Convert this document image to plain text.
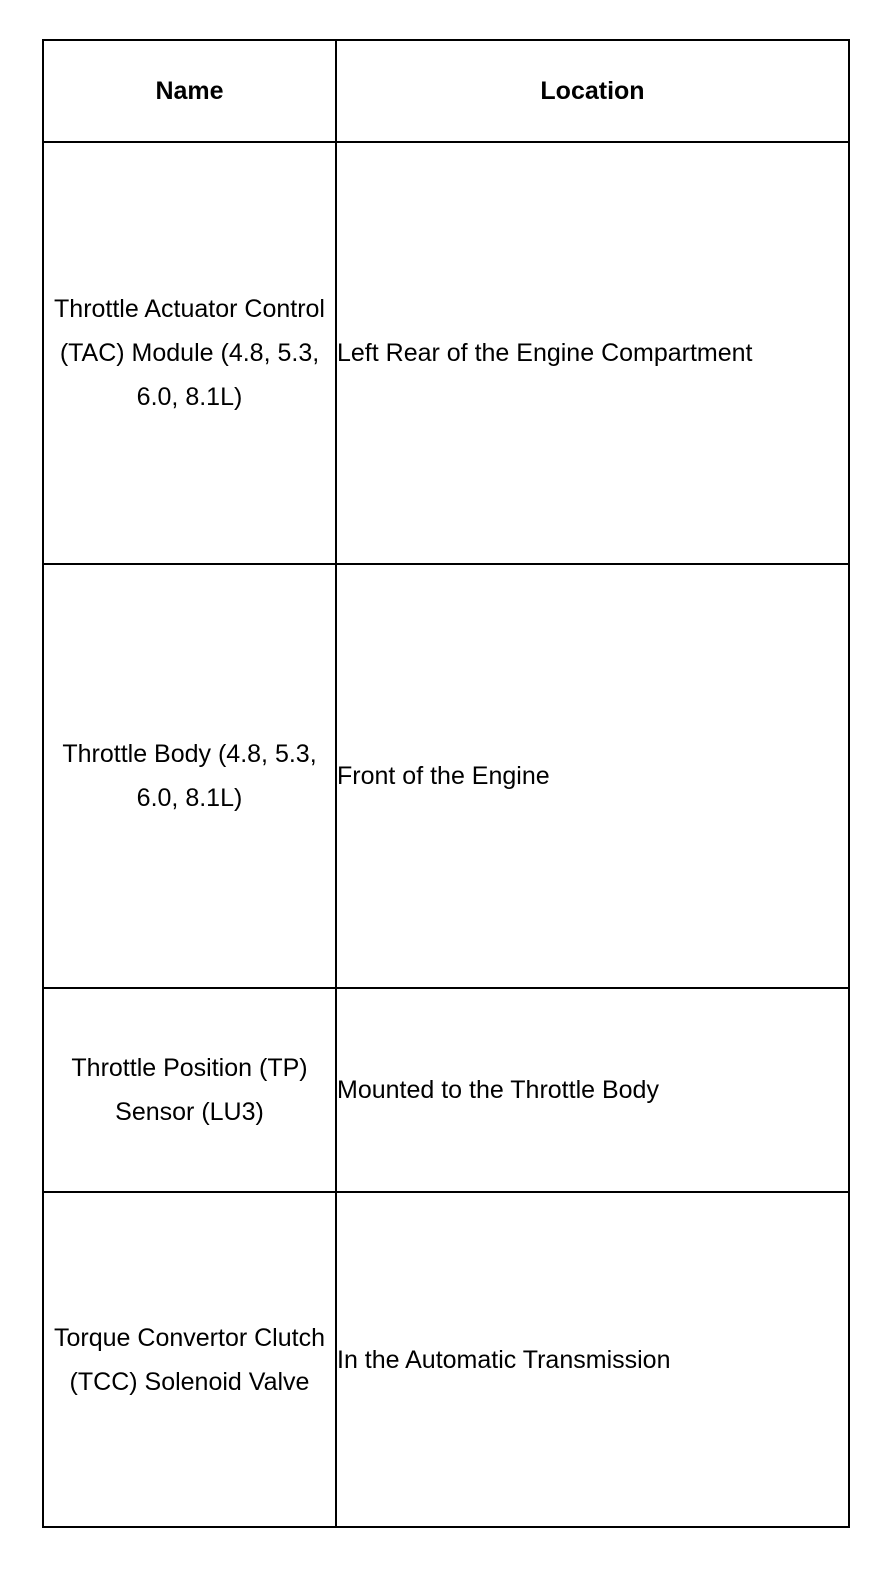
Name	Location
Throttle Actuator Control (TAC) Module (4.8, 5.3, 6.0, 8.1L)	Left Rear of the Engine Compartment
Throttle Body (4.8, 5.3, 6.0, 8.1L)	Front of the Engine
Throttle Position (TP) Sensor (LU3)	Mounted to the Throttle Body
Torque Convertor Clutch (TCC) Solenoid Valve	In the Automatic Transmission
